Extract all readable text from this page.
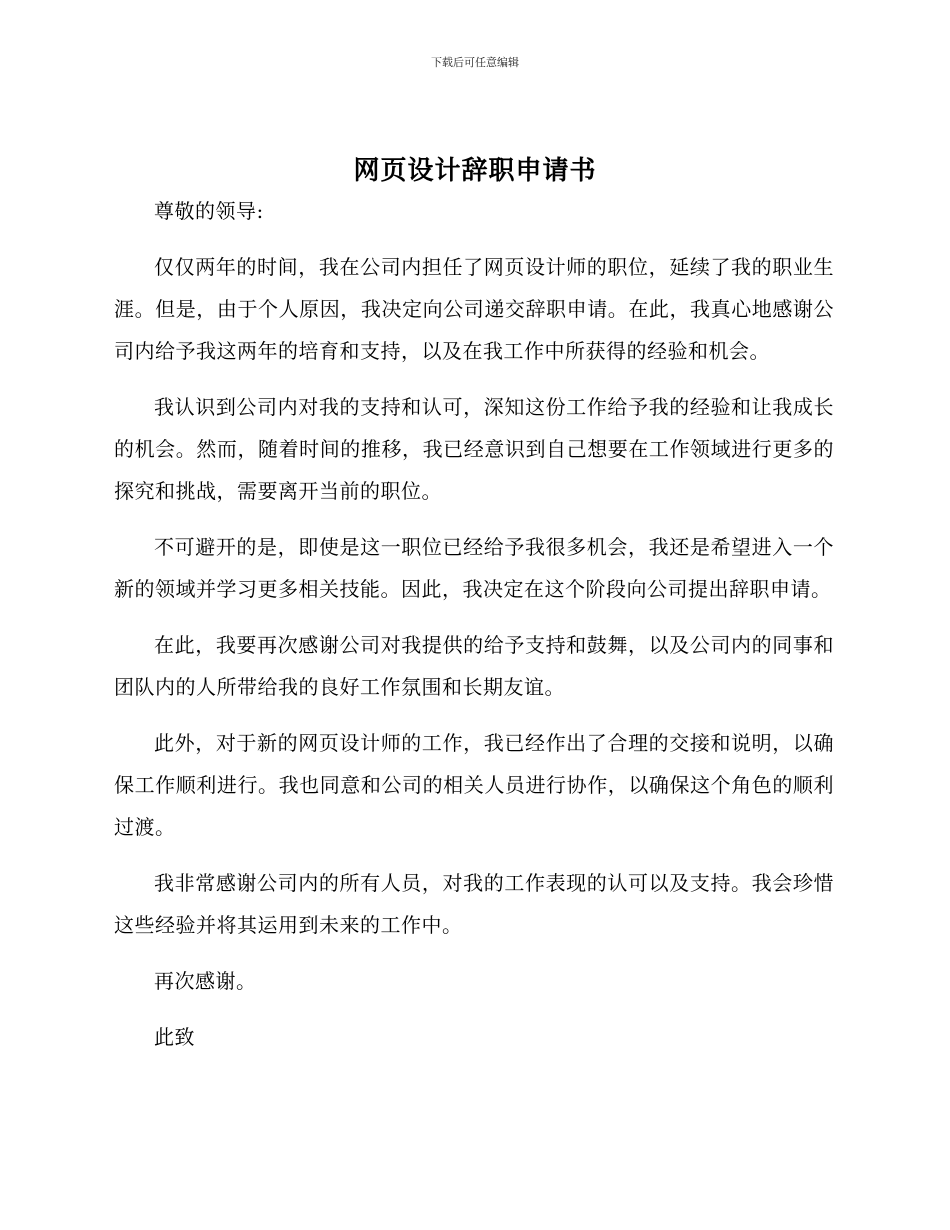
下载后可任意编辑
网页设计辞职申请书

尊敬的领导:

仅仅两年的时间，我在公司内担任了网页设计师的职位，延续了我的职业生涯。但是，由于个人原因，我决定向公司递交辞职申请。在此，我真心地感谢公司内给予我这两年的培育和支持，以及在我工作中所获得的经验和机会。

我认识到公司内对我的支持和认可，深知这份工作给予我的经验和让我成长的机会。然而，随着时间的推移，我已经意识到自己想要在工作领域进行更多的探究和挑战，需要离开当前的职位。

不可避开的是，即使是这一职位已经给予我很多机会，我还是希望进入一个新的领域并学习更多相关技能。因此，我决定在这个阶段向公司提出辞职申请。

在此，我要再次感谢公司对我提供的给予支持和鼓舞，以及公司内的同事和团队内的人所带给我的良好工作氛围和长期友谊。

此外，对于新的网页设计师的工作，我已经作出了合理的交接和说明，以确保工作顺利进行。我也同意和公司的相关人员进行协作，以确保这个角色的顺利过渡。

我非常感谢公司内的所有人员，对我的工作表现的认可以及支持。我会珍惜这些经验并将其运用到未来的工作中。

再次感谢。

此致
